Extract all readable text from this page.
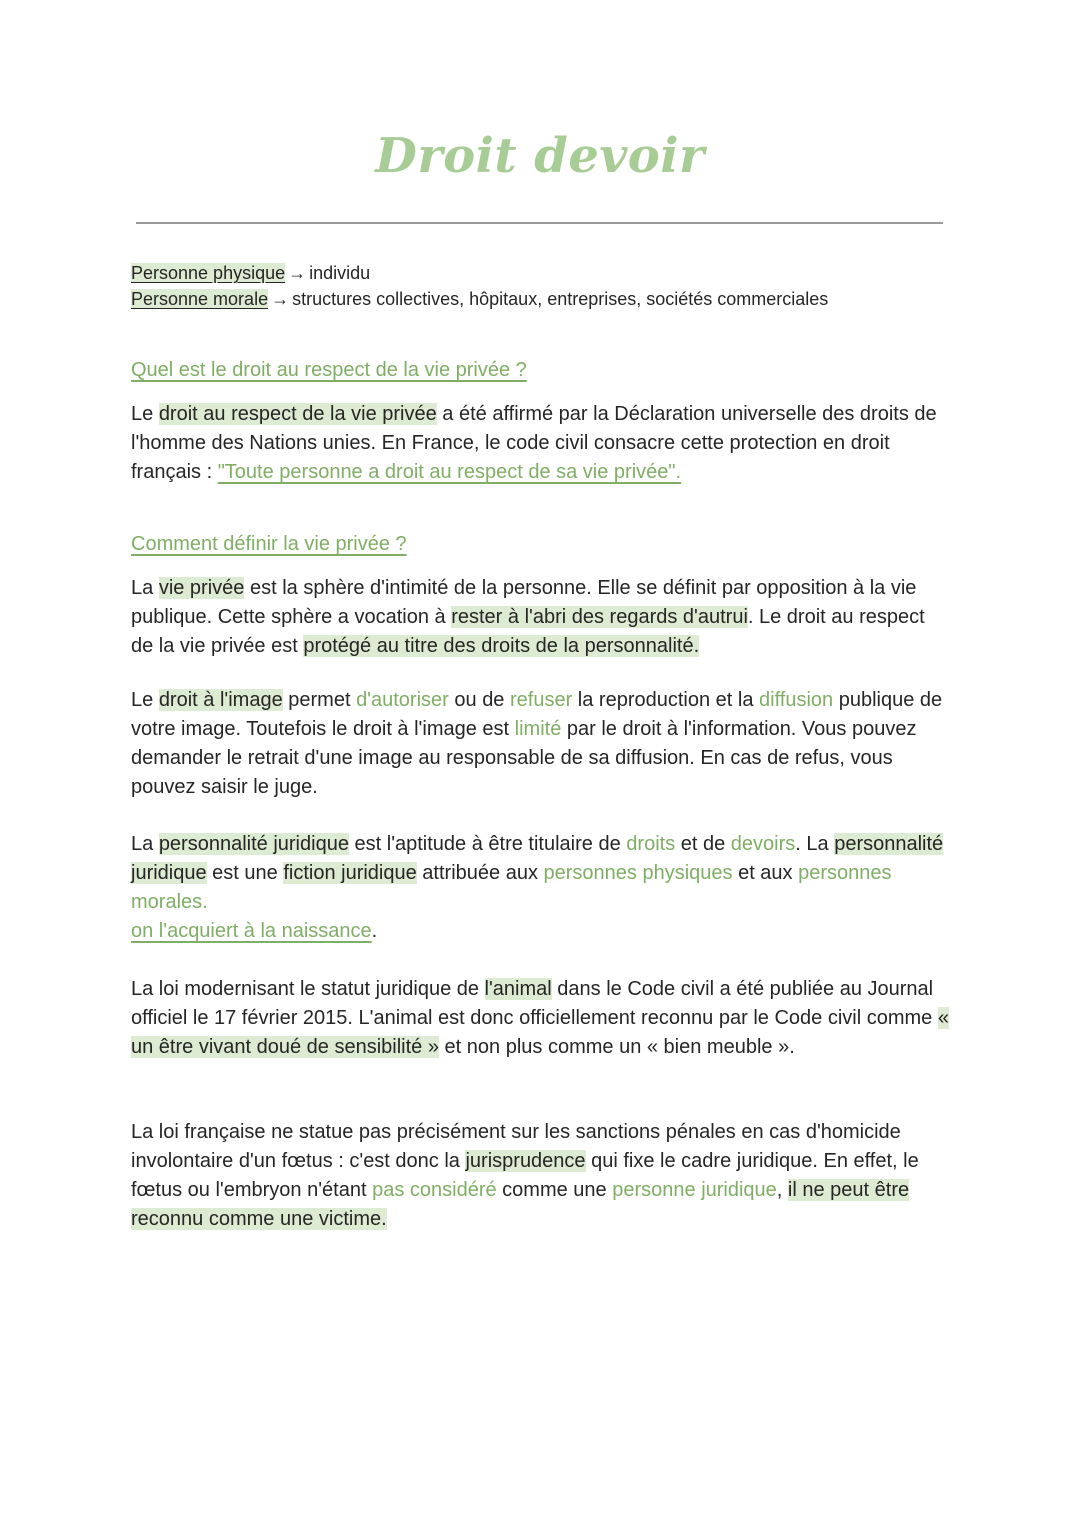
Droit devoir
Personne physique → individu
Personne morale → structures collectives, hôpitaux, entreprises, sociétés commerciales
Quel est le droit au respect de la vie privée ?
Le droit au respect de la vie privée a été affirmé par la Déclaration universelle des droits de l'homme des Nations unies. En France, le code civil consacre cette protection en droit français : "Toute personne a droit au respect de sa vie privée".
Comment définir la vie privée ?
La vie privée est la sphère d'intimité de la personne. Elle se définit par opposition à la vie publique. Cette sphère a vocation à rester à l'abri des regards d'autrui. Le droit au respect de la vie privée est protégé au titre des droits de la personnalité.
Le droit à l'image permet d'autoriser ou de refuser la reproduction et la diffusion publique de votre image. Toutefois le droit à l'image est limité par le droit à l'information. Vous pouvez demander le retrait d'une image au responsable de sa diffusion. En cas de refus, vous pouvez saisir le juge.
La personnalité juridique est l'aptitude à être titulaire de droits et de devoirs. La personnalité juridique est une fiction juridique attribuée aux personnes physiques et aux personnes morales.
on l'acquiert à la naissance.
La loi modernisant le statut juridique de l'animal dans le Code civil a été publiée au Journal officiel le 17 février 2015. L'animal est donc officiellement reconnu par le Code civil comme « un être vivant doué de sensibilité » et non plus comme un « bien meuble ».
La loi française ne statue pas précisément sur les sanctions pénales en cas d'homicide involontaire d'un fœtus : c'est donc la jurisprudence qui fixe le cadre juridique. En effet, le fœtus ou l'embryon n'étant pas considéré comme une personne juridique, il ne peut être reconnu comme une victime.
